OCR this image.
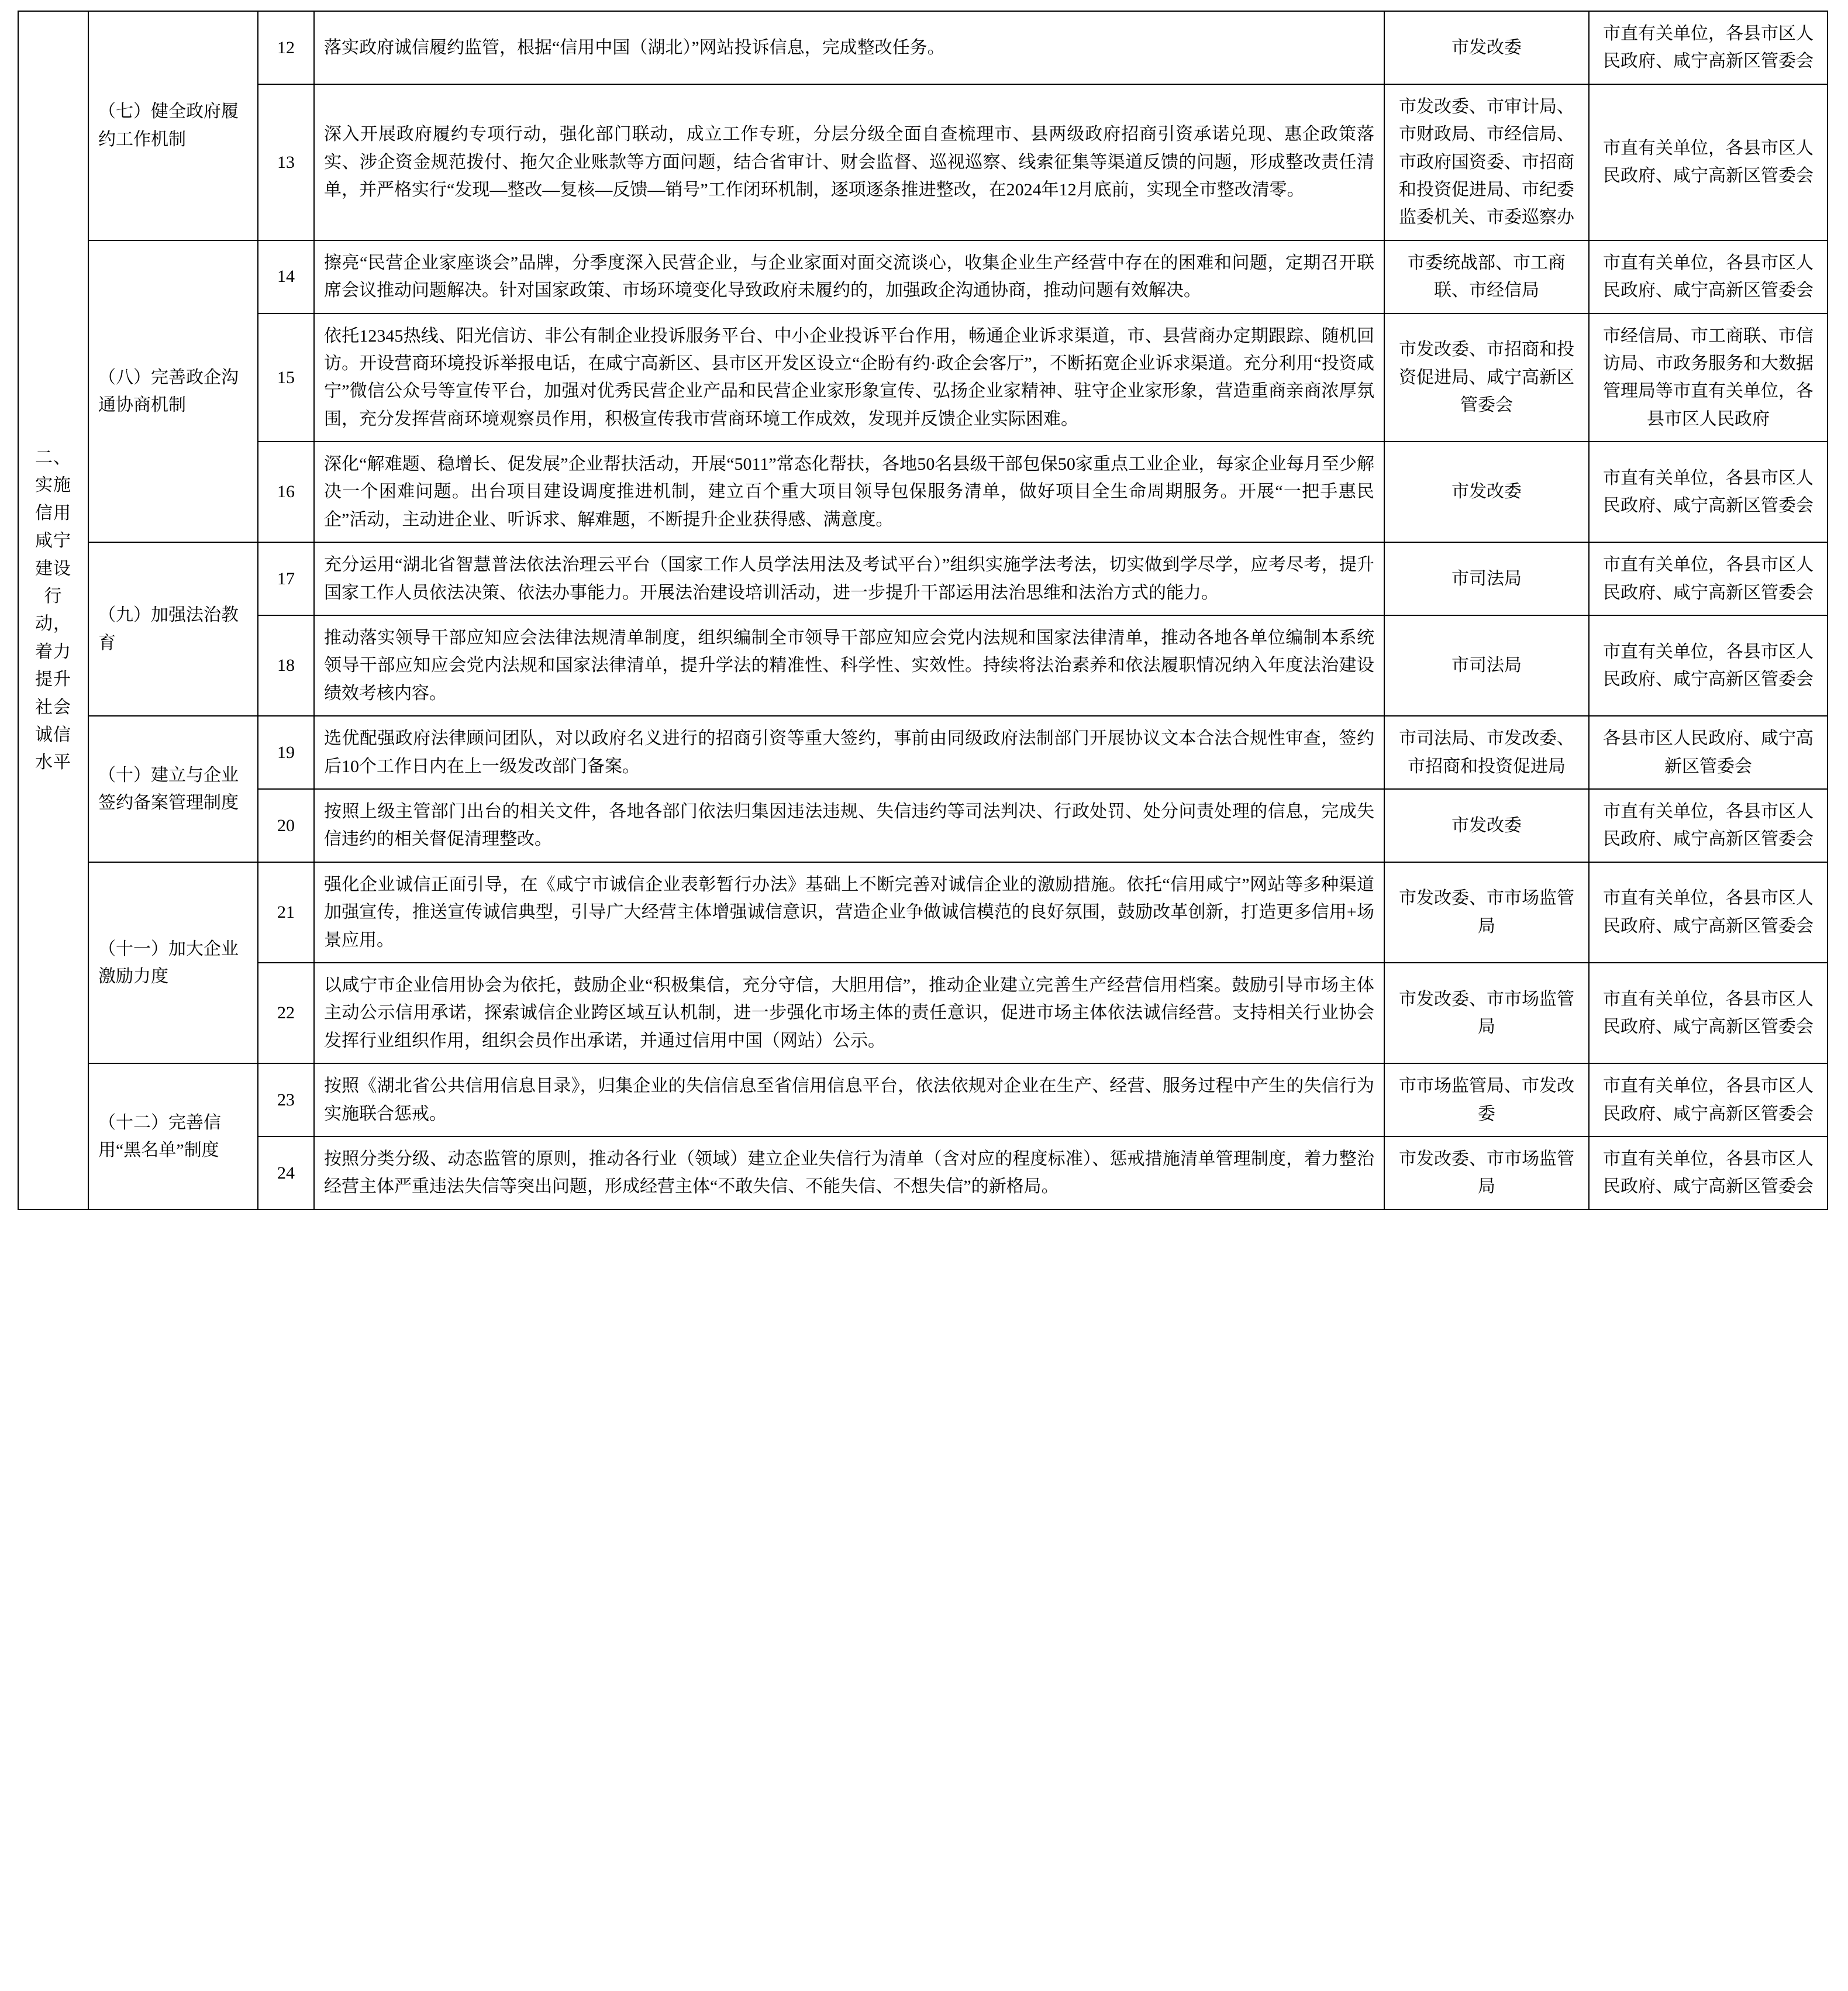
二、实施信用咸宁建设行动，着力提升社会诚信水平	（七）健全政府履约工作机制	12	落实政府诚信履约监管，根据“信用中国（湖北）”网站投诉信息，完成整改任务。	市发改委	市直有关单位，各县市区人民政府、咸宁高新区管委会
		13	深入开展政府履约专项行动，强化部门联动，成立工作专班，分层分级全面自查梳理市、县两级政府招商引资承诺兑现、惠企政策落实、涉企资金规范拨付、拖欠企业账款等方面问题，结合省审计、财会监督、巡视巡察、线索征集等渠道反馈的问题，形成整改责任清单，并严格实行“发现—整改—复核—反馈—销号”工作闭环机制，逐项逐条推进整改，在2024年12月底前，实现全市整改清零。	市发改委、市审计局、市财政局、市经信局、市政府国资委、市招商和投资促进局、市纪委监委机关、市委巡察办	市直有关单位，各县市区人民政府、咸宁高新区管委会
	（八）完善政企沟通协商机制	14	擦亮“民营企业家座谈会”品牌，分季度深入民营企业，与企业家面对面交流谈心，收集企业生产经营中存在的困难和问题，定期召开联席会议推动问题解决。针对国家政策、市场环境变化导致政府未履约的，加强政企沟通协商，推动问题有效解决。	市委统战部、市工商联、市经信局	市直有关单位，各县市区人民政府、咸宁高新区管委会
		15	依托12345热线、阳光信访、非公有制企业投诉服务平台、中小企业投诉平台作用，畅通企业诉求渠道，市、县营商办定期跟踪、随机回访。开设营商环境投诉举报电话，在咸宁高新区、县市区开发区设立“企盼有约·政企会客厅”，不断拓宽企业诉求渠道。充分利用“投资咸宁”微信公众号等宣传平台，加强对优秀民营企业产品和民营企业家形象宣传、弘扬企业家精神、驻守企业家形象，营造重商亲商浓厚氛围，充分发挥营商环境观察员作用，积极宣传我市营商环境工作成效，发现并反馈企业实际困难。	市发改委、市招商和投资促进局、咸宁高新区管委会	市经信局、市工商联、市信访局、市政务服务和大数据管理局等市直有关单位，各县市区人民政府
		16	深化“解难题、稳增长、促发展”企业帮扶活动，开展“5011”常态化帮扶，各地50名县级干部包保50家重点工业企业，每家企业每月至少解决一个困难问题。出台项目建设调度推进机制，建立百个重大项目领导包保服务清单，做好项目全生命周期服务。开展“一把手惠民企”活动，主动进企业、听诉求、解难题，不断提升企业获得感、满意度。	市发改委	市直有关单位，各县市区人民政府、咸宁高新区管委会
	（九）加强法治教育	17	充分运用“湖北省智慧普法依法治理云平台（国家工作人员学法用法及考试平台）”组织实施学法考法，切实做到学尽学，应考尽考，提升国家工作人员依法决策、依法办事能力。开展法治建设培训活动，进一步提升干部运用法治思维和法治方式的能力。	市司法局	市直有关单位，各县市区人民政府、咸宁高新区管委会
		18	推动落实领导干部应知应会法律法规清单制度，组织编制全市领导干部应知应会党内法规和国家法律清单，推动各地各单位编制本系统领导干部应知应会党内法规和国家法律清单，提升学法的精准性、科学性、实效性。持续将法治素养和依法履职情况纳入年度法治建设绩效考核内容。	市司法局	市直有关单位，各县市区人民政府、咸宁高新区管委会
	（十）建立与企业签约备案管理制度	19	选优配强政府法律顾问团队，对以政府名义进行的招商引资等重大签约，事前由同级政府法制部门开展协议文本合法合规性审查，签约后10个工作日内在上一级发改部门备案。	市司法局、市发改委、市招商和投资促进局	各县市区人民政府、咸宁高新区管委会
		20	按照上级主管部门出台的相关文件，各地各部门依法归集因违法违规、失信违约等司法判决、行政处罚、处分问责处理的信息，完成失信违约的相关督促清理整改。	市发改委	市直有关单位，各县市区人民政府、咸宁高新区管委会
	（十一）加大企业激励力度	21	强化企业诚信正面引导，在《咸宁市诚信企业表彰暂行办法》基础上不断完善对诚信企业的激励措施。依托“信用咸宁”网站等多种渠道加强宣传，推送宣传诚信典型，引导广大经营主体增强诚信意识，营造企业争做诚信模范的良好氛围，鼓励改革创新，打造更多信用+场景应用。	市发改委、市市场监管局	市直有关单位，各县市区人民政府、咸宁高新区管委会
		22	以咸宁市企业信用协会为依托，鼓励企业“积极集信，充分守信，大胆用信”，推动企业建立完善生产经营信用档案。鼓励引导市场主体主动公示信用承诺，探索诚信企业跨区域互认机制，进一步强化市场主体的责任意识，促进市场主体依法诚信经营。支持相关行业协会发挥行业组织作用，组织会员作出承诺，并通过信用中国（网站）公示。	市发改委、市市场监管局	市直有关单位，各县市区人民政府、咸宁高新区管委会
	（十二）完善信用“黑名单”制度	23	按照《湖北省公共信用信息目录》，归集企业的失信信息至省信用信息平台，依法依规对企业在生产、经营、服务过程中产生的失信行为实施联合惩戒。	市市场监管局、市发改委	市直有关单位，各县市区人民政府、咸宁高新区管委会
		24	按照分类分级、动态监管的原则，推动各行业（领域）建立企业失信行为清单（含对应的程度标准）、惩戒措施清单管理制度，着力整治经营主体严重违法失信等突出问题，形成经营主体“不敢失信、不能失信、不想失信”的新格局。	市发改委、市市场监管局	市直有关单位，各县市区人民政府、咸宁高新区管委会
